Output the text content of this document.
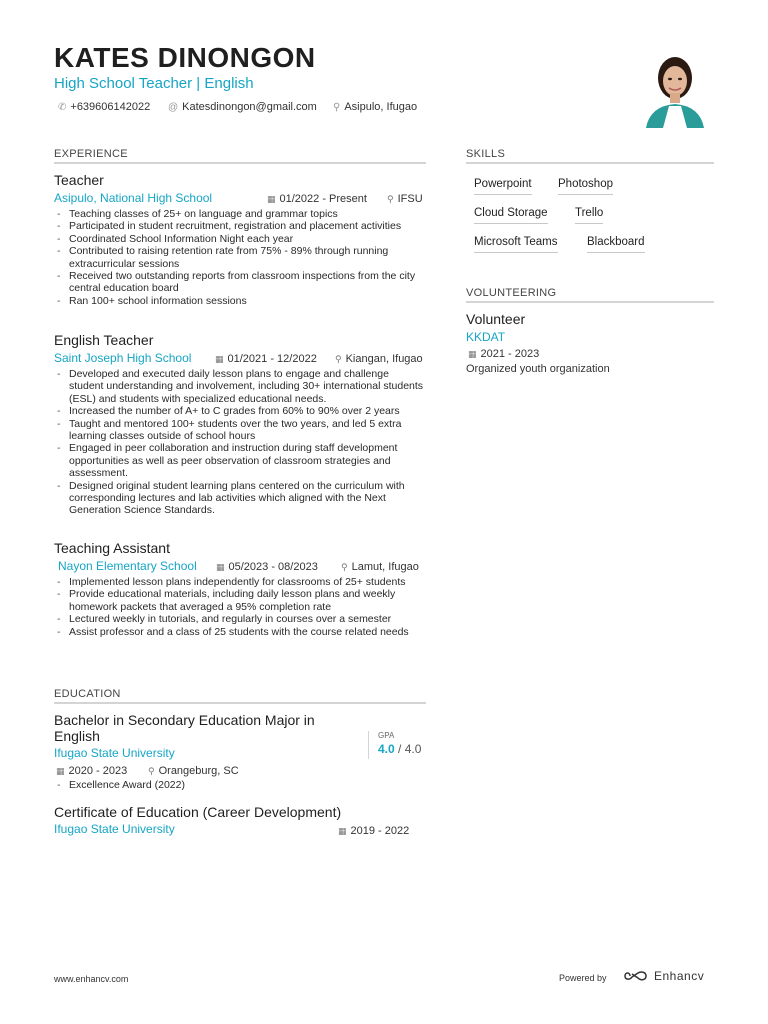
KATES DINONGON
High School Teacher | English
✆ +639606142022 @ Katesdinongon@gmail.com ⚲ Asipulo, Ifugao
EXPERIENCE
Teacher
Asipulo, National High School	▦ 01/2022 - Present ⚲ IFSU
- Teaching classes of 25+ on language and grammar topics
- Participated in student recruitment, registration and placement activities
- Coordinated School Information Night each year
- Contributed to raising retention rate from 75% - 89% through running extracurricular sessions
- Received two outstanding reports from classroom inspections from the city central education board
- Ran 100+ school information sessions
English Teacher
Saint Joseph High School	▦ 01/2021 - 12/2022 ⚲ Kiangan, Ifugao
- Developed and executed daily lesson plans to engage and challenge student understanding and involvement, including 30+ international students (ESL) and students with specialized educational needs.
- Increased the number of A+ to C grades from 60% to 90% over 2 years
- Taught and mentored 100+ students over the two years, and led 5 extra learning classes outside of school hours
- Engaged in peer collaboration and instruction during staff development opportunities as well as peer observation of classroom strategies and assessment.
- Designed original student learning plans centered on the curriculum with corresponding lectures and lab activities which aligned with the Next Generation Science Standards.
Teaching Assistant
Nayon Elementary School ▦ 05/2023 - 08/2023	⚲ Lamut, Ifugao
- Implemented lesson plans independently for classrooms of 25+ students
- Provide educational materials, including daily lesson plans and weekly homework packets that averaged a 95% completion rate
- Lectured weekly in tutorials, and regularly in courses over a semester
- Assist professor and a class of 25 students with the course related needs
EDUCATION
Bachelor in Secondary Education Major in English
Ifugao State University
GPA
4.0 / 4.0
▦ 2020 - 2023 ⚲ Orangeburg, SC
- Excellence Award (2022)
Certificate of Education (Career Development)
Ifugao State University	▦ 2019 - 2022
SKILLS
Powerpoint Photoshop
Cloud Storage Trello
Microsoft Teams	Blackboard
VOLUNTEERING
Volunteer
KKDAT
▦ 2021 - 2023
Organized youth organization
www.enhancv.com	Powered by	Enhancv
